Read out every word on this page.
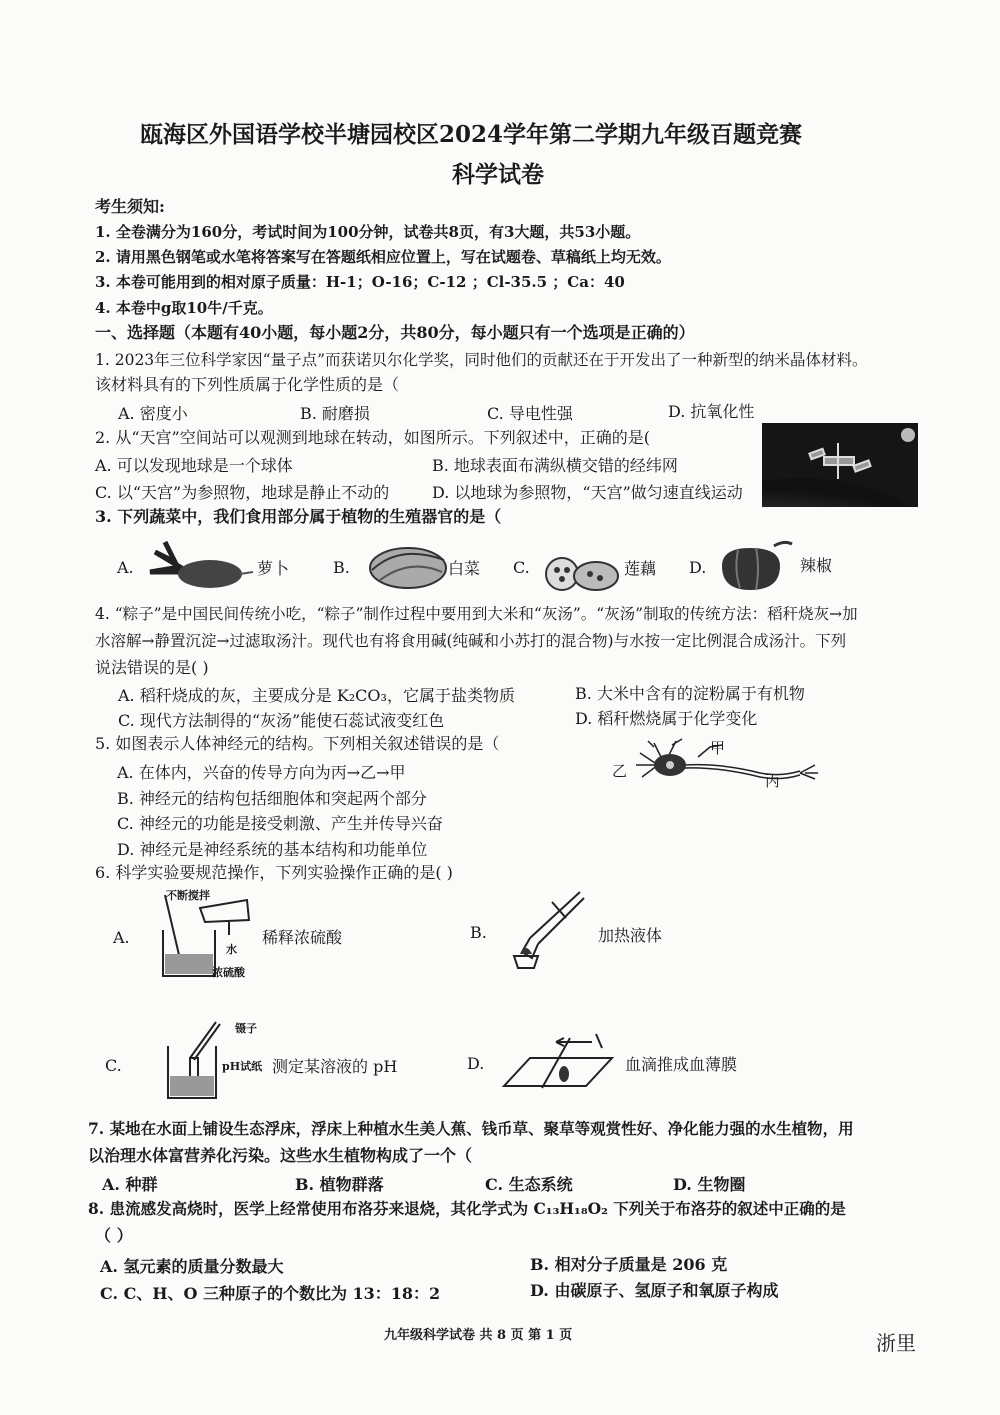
瓯海区外国语学校半塘园校区2024学年第二学期九年级百题竞赛
科学试卷
考生须知:
1. 全卷满分为160分，考试时间为100分钟，试卷共8页，有3大题，共53小题。
2. 请用黑色钢笔或水笔将答案写在答题纸相应位置上，写在试题卷、草稿纸上均无效。
3. 本卷可能用到的相对原子质量：H-1；O-16；C-12 ；Cl-35.5 ；Ca：40
4. 本卷中g取10牛/千克。
一、选择题（本题有40小题，每小题2分，共80分，每小题只有一个选项是正确的）
1. 2023年三位科学家因“量子点”而获诺贝尔化学奖，同时他们的贡献还在于开发出了一种新型的纳米晶体材料。
该材料具有的下列性质属于化学性质的是（
A. 密度小	B. 耐磨损	C. 导电性强	D. 抗氧化性
2. 从“天宫”空间站可以观测到地球在转动，如图所示。下列叙述中，正确的是(
A. 可以发现地球是一个球体	B. 地球表面布满纵横交错的经纬网
C. 以“天宫”为参照物，地球是静止不动的	D. 以地球为参照物，“天宫”做匀速直线运动
3. 下列蔬菜中，我们食用部分属于植物的生殖器官的是（
A.	萝卜	B.	白菜 C.	莲藕 D.	辣椒
4. “粽子”是中国民间传统小吃，“粽子”制作过程中要用到大米和“灰汤”。“灰汤”制取的传统方法：稻秆烧灰→加
水溶解→静置沉淀→过滤取汤汁。现代也有将食用碱(纯碱和小苏打的混合物)与水按一定比例混合成汤汁。下列
说法错误的是( )
A. 稻秆烧成的灰，主要成分是 K₂CO₃，它属于盐类物质	B. 大米中含有的淀粉属于有机物
C. 现代方法制得的“灰汤”能使石蕊试液变红色	D. 稻秆燃烧属于化学变化
5. 如图表示人体神经元的结构。下列相关叙述错误的是（
A. 在体内，兴奋的传导方向为丙→乙→甲
B. 神经元的结构包括细胞体和突起两个部分
C. 神经元的功能是接受刺激、产生并传导兴奋
D. 神经元是神经系统的基本结构和功能单位
甲
乙
丙
6. 科学实验要规范操作，下列实验操作正确的是( )
A.
不断搅拌
水
浓硫酸
稀释浓硫酸	B.	加热液体
C.
镊子
pH试纸 测定某溶液的 pH	D.	血滴推成血薄膜
7. 某地在水面上铺设生态浮床，浮床上种植水生美人蕉、钱币草、聚草等观赏性好、净化能力强的水生植物，用
以治理水体富营养化污染。这些水生植物构成了一个（
A. 种群	B. 植物群落	C. 生态系统	D. 生物圈
8. 患流感发高烧时，医学上经常使用布洛芬来退烧，其化学式为 C₁₃H₁₈O₂ 下列关于布洛芬的叙述中正确的是
（ ）
A. 氢元素的质量分数最大	B. 相对分子质量是 206 克
C. C、H、O 三种原子的个数比为 13：18：2	D. 由碳原子、氢原子和氧原子构成
九年级科学试卷 共 8 页 第 1 页	浙里
